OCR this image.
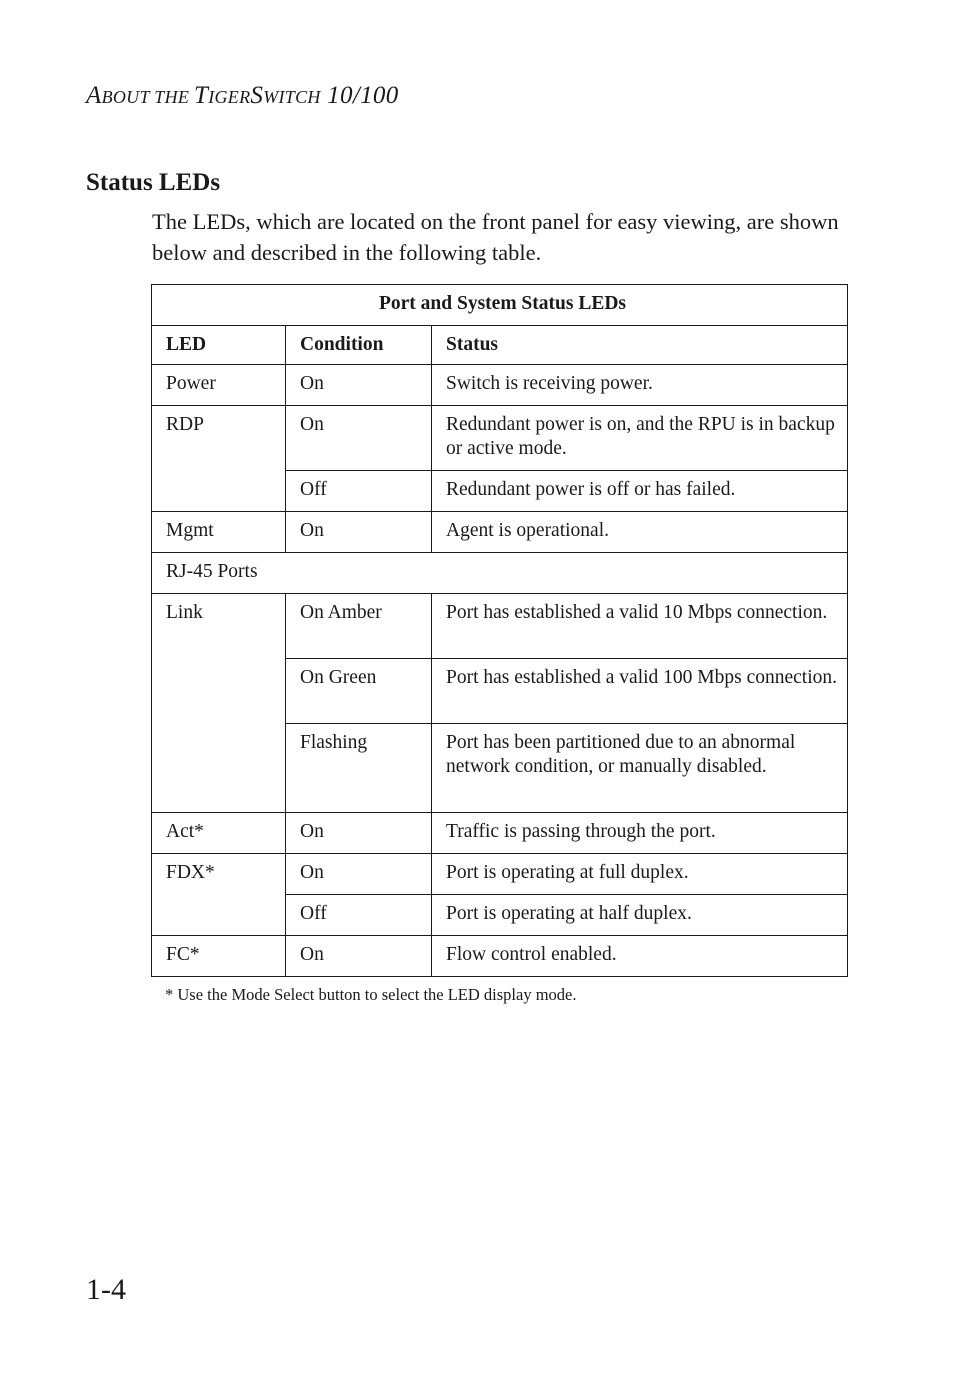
ABOUT THE TIGERSWITCH 10/100
Status LEDs

The LEDs, which are located on the front panel for easy viewing, are shown below and described in the following table.

Port and System Status LEDs		
LED	Condition	Status
Power	On	Switch is receiving power.
RDP	On	Redundant power is on, and the RPU is in backup or active mode.
	Off	Redundant power is off or has failed.
Mgmt	On	Agent is operational.
RJ-45 Ports		
Link	On Amber	Port has established a valid 10 Mbps connection.
	On Green	Port has established a valid 100 Mbps connection.
	Flashing	Port has been partitioned due to an abnormal network condition, or manually disabled.
Act*	On	Traffic is passing through the port.
FDX*	On	Port is operating at full duplex.
	Off	Port is operating at half duplex.
FC*	On	Flow control enabled.

* Use the Mode Select button to select the LED display mode.

1-4
